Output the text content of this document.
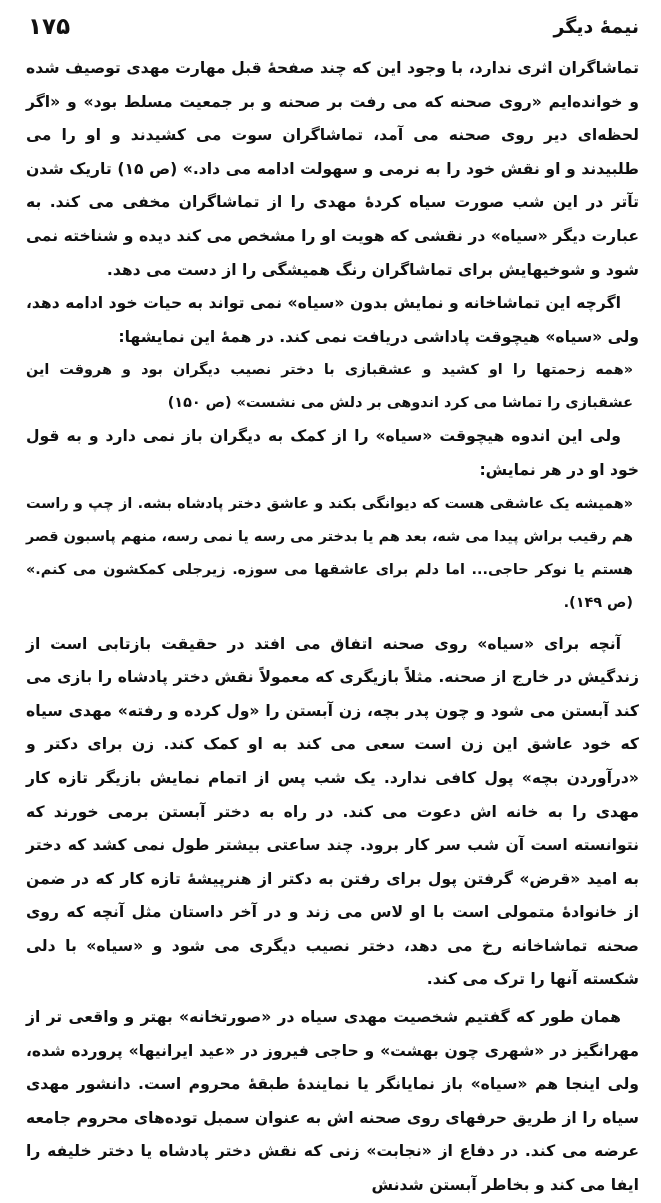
۱۷۵	نیمهٔ دیگر

تماشاگران اثری ندارد، با وجود این که چند صفحهٔ قبل مهارت مهدی توصیف شده و خوانده‌ایم «روی صحنه که می رفت بر صحنه و بر جمعیت مسلط بود» و «اگر لحظه‌ای دیر روی صحنه می آمد، تماشاگران سوت می کشیدند و او را می طلبیدند و او نقش خود را به نرمی و سهولت ادامه می داد.» (ص ۱۵) تاریک شدن تآتر در این شب صورت سیاه کردهٔ مهدی را از تماشاگران مخفی می کند. به عبارت دیگر «سیاه» در نقشی که هویت او را مشخص می کند دیده و شناخته نمی شود و شوخیهایش برای تماشاگران رنگ همیشگی را از دست می دهد.

اگرچه این تماشاخانه و نمایش بدون «سیاه» نمی تواند به حیات خود ادامه دهد، ولی «سیاه» هیچوقت پاداشی دریافت نمی کند. در همهٔ این نمایشها:

«همه زحمتها را او کشید و عشقبازی با دختر نصیب دیگران بود و هروقت این عشقبازی را تماشا می کرد اندوهی بر دلش می نشست» (ص ۱۵۰)

ولی این اندوه هیچوقت «سیاه» را از کمک به دیگران باز نمی دارد و به قول خود او در هر نمایش:

«همیشه یک عاشقی هست که دیوانگی بکند و عاشق دختر پادشاه بشه. از چپ و راست هم رقیب براش پیدا می شه، بعد هم یا بدختر می رسه یا نمی رسه، منهم پاسبون قصر هستم یا نوکر حاجی... اما دلم برای عاشقها می سوزه. زیرجلی کمکشون می کنم.» (ص ۱۴۹).

آنچه برای «سیاه» روی صحنه اتفاق می افتد در حقیقت بازتابی است از زندگیش در خارج از صحنه. مثلاً بازیگری که معمولاً نقش دختر پادشاه را بازی می کند آبستن می شود و چون پدر بچه، زن آبستن را «ول کرده و رفته» مهدی سیاه که خود عاشق این زن است سعی می کند به او کمک کند. زن برای دکتر و «درآوردن بچه» پول کافی ندارد. یک شب پس از اتمام نمایش بازیگر تازه کار مهدی را به خانه اش دعوت می کند. در راه به دختر آبستن برمی خورند که نتوانسته است آن شب سر کار برود. چند ساعتی بیشتر طول نمی کشد که دختر به امید «قرض» گرفتن پول برای رفتن به دکتر از هنرپیشهٔ تازه کار که در ضمن از خانوادهٔ متمولی است با او لاس می زند و در آخر داستان مثل آنچه که روی صحنه تماشاخانه رخ می دهد، دختر نصیب دیگری می شود و «سیاه» با دلی شکسته آنها را ترک می کند.

همان طور که گفتیم شخصیت مهدی سیاه در «صورتخانه» بهتر و واقعی تر از مهرانگیز در «شهری چون بهشت» و حاجی فیروز در «عید ایرانیها» پرورده شده، ولی اینجا هم «سیاه» باز نمایانگر یا نمایندهٔ طبقهٔ محروم است. دانشور مهدی سیاه را از طریق حرفهای روی صحنه اش به عنوان سمبل توده‌های محروم جامعه عرضه می کند. در دفاع از «نجابت» زنی که نقش دختر پادشاه یا دختر خلیفه را ایفا می کند و بخاطر آبستن شدنش
